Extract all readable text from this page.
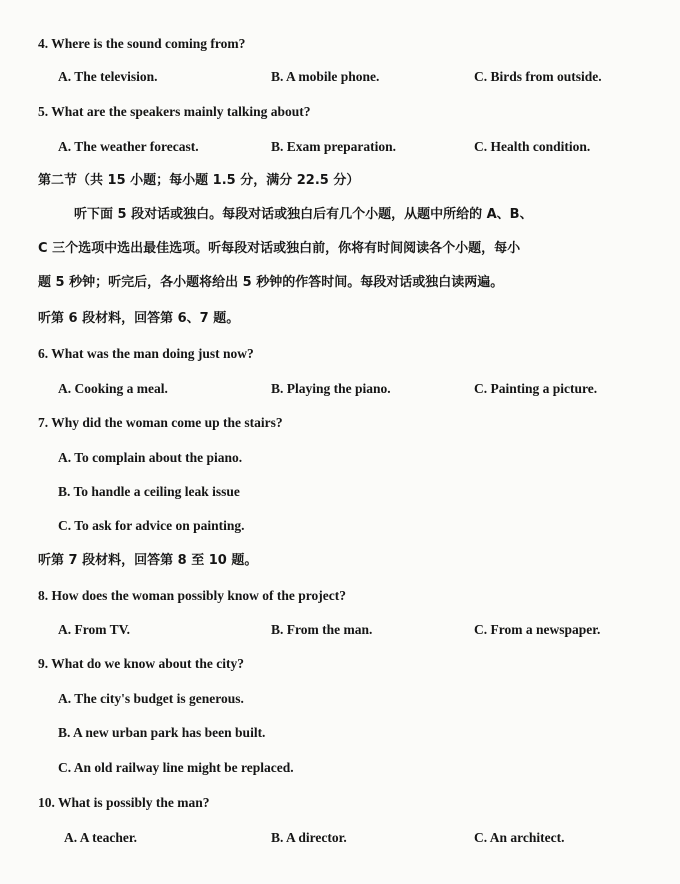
4. Where is the sound coming from?
A. The television.	B. A mobile phone.	C. Birds from outside.
5. What are the speakers mainly talking about?
A. The weather forecast.	B. Exam preparation.	C. Health condition.
第二节（共 15 小题；每小题 1.5 分，满分 22.5 分）
听下面 5 段对话或独白。每段对话或独白后有几个小题，从题中所给的 A、B、
C 三个选项中选出最佳选项。听每段对话或独白前，你将有时间阅读各个小题，每小
题 5 秒钟；听完后，各小题将给出 5 秒钟的作答时间。每段对话或独白读两遍。
听第 6 段材料，回答第 6、7 题。
6. What was the man doing just now?
A. Cooking a meal.	B. Playing the piano.	C. Painting a picture.
7. Why did the woman come up the stairs?
A. To complain about the piano.
B. To handle a ceiling leak issue
C. To ask for advice on painting.
听第 7 段材料，回答第 8 至 10 题。
8. How does the woman possibly know of the project?
A. From TV.	B. From the man.	C. From a newspaper.
9. What do we know about the city?
A. The city's budget is generous.
B. A new urban park has been built.
C. An old railway line might be replaced.
10. What is possibly the man?
A. A teacher.	B. A director.	C. An architect.
